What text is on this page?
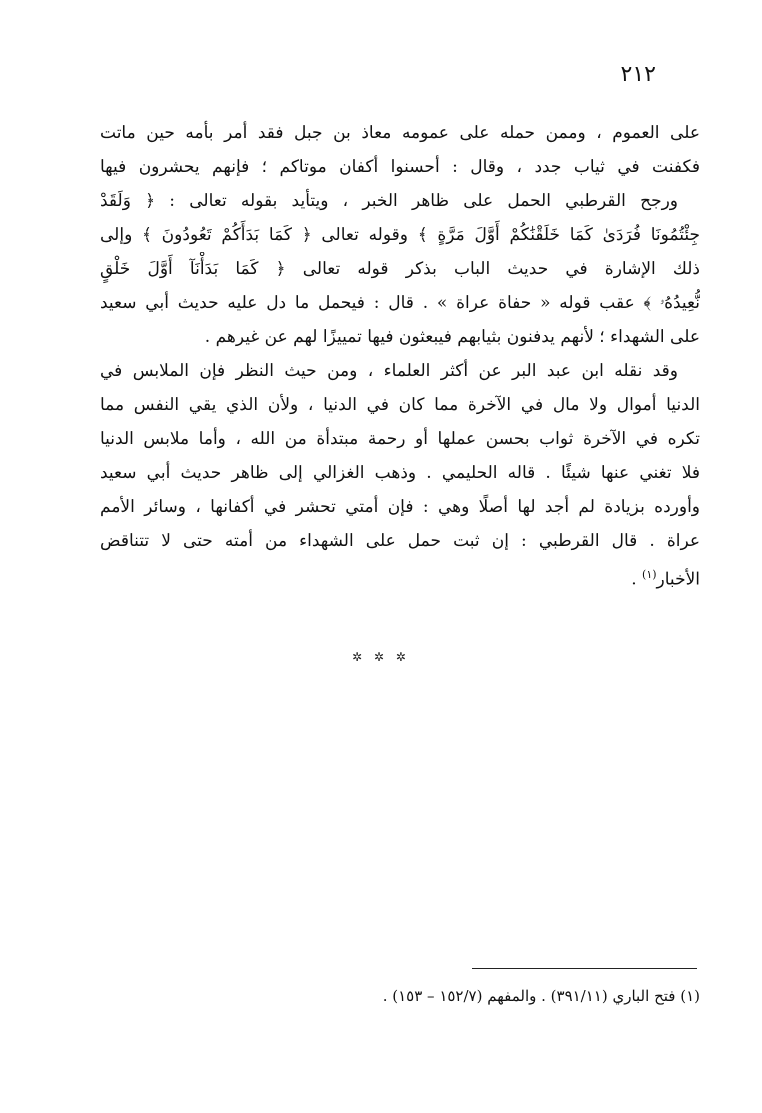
٢١٢
على العموم ، وممن حمله على عمومه معاذ بن جبل فقد أمر بأمه حين ماتت
فكفنت في ثياب جدد ، وقال : أحسنوا أكفان موتاكم ؛ فإنهم يحشرون فيها
ورجح القرطبي الحمل على ظاهر الخبر ، ويتأيد بقوله تعالى : ﴿ وَلَقَدْ
جِئْتُمُونَا فُرَدَىٰ كَمَا خَلَقْنَٰكُمْ أَوَّلَ مَرَّةٍ ﴾ وقوله تعالى ﴿ كَمَا بَدَأَكُمْ تَعُودُونَ ﴾ وإلى
ذلك الإشارة في حديث الباب بذكر قوله تعالى ﴿ كَمَا بَدَأْنَآ أَوَّلَ خَلْقٍ
نُّعِيدُهُۥ ﴾ عقب قوله « حفاة عراة » . قال : فيحمل ما دل عليه حديث أبي سعيد
على الشهداء ؛ لأنهم يدفنون بثيابهم فيبعثون فيها تمييزًا لهم عن غيرهم .
وقد نقله ابن عبد البر عن أكثر العلماء ، ومن حيث النظر فإن الملابس في
الدنيا أموال ولا مال في الآخرة مما كان في الدنيا ، ولأن الذي يقي النفس مما
تكره في الآخرة ثواب بحسن عملها أو رحمة مبتدأة من الله ، وأما ملابس الدنيا
فلا تغني عنها شيئًا . قاله الحليمي . وذهب الغزالي إلى ظاهر حديث أبي سعيد
وأورده بزيادة لم أجد لها أصلًا وهي : فإن أمتي تحشر في أكفانها ، وسائر الأمم
عراة . قال القرطبي : إن ثبت حمل على الشهداء من أمته حتى لا تتناقض
الأخبار$^{(١)}$ .
✲ ✲ ✲
(١) فتح الباري (٣٩١/١١) . والمفهم (١٥٢/٧ – ١٥٣) .
